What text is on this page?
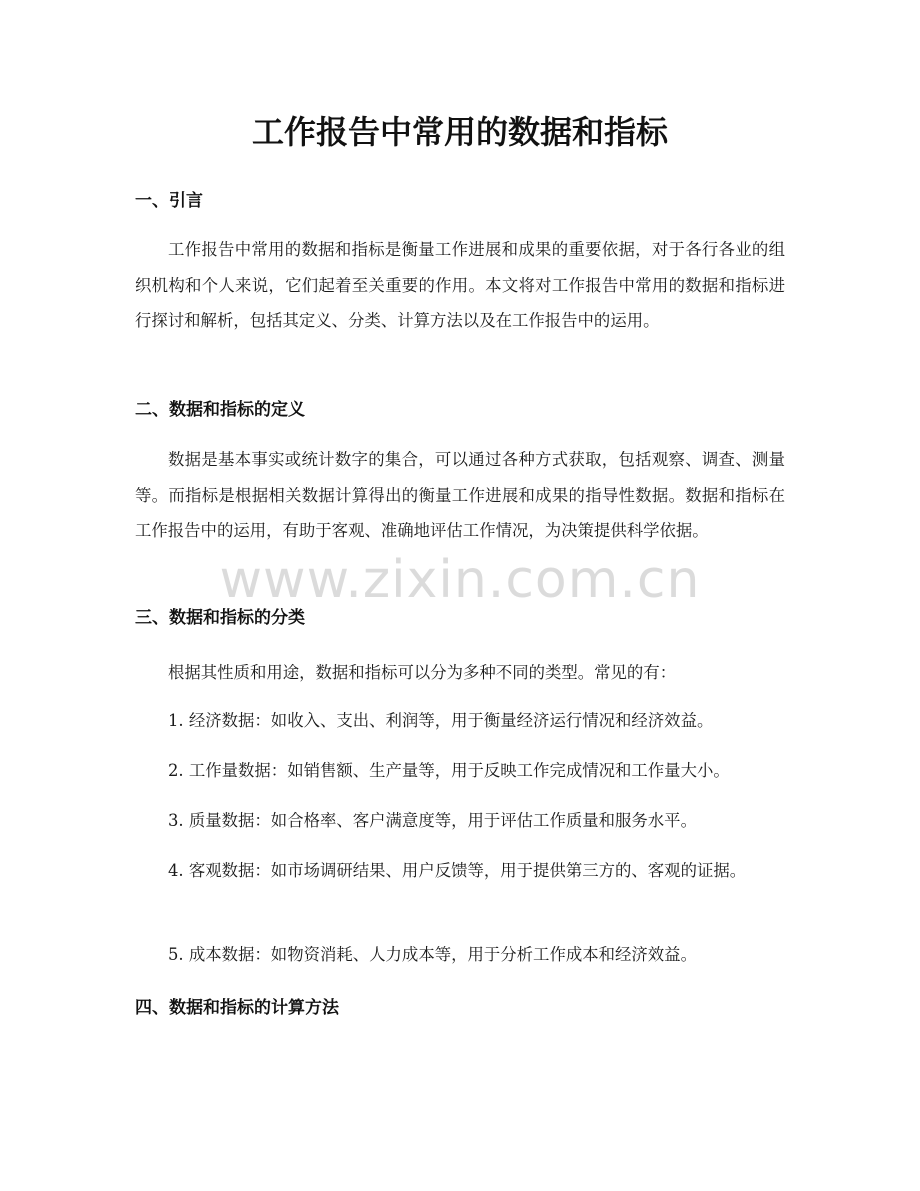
工作报告中常用的数据和指标
一、引言

工作报告中常用的数据和指标是衡量工作进展和成果的重要依据，对于各行各业的组织机构和个人来说，它们起着至关重要的作用。本文将对工作报告中常用的数据和指标进行探讨和解析，包括其定义、分类、计算方法以及在工作报告中的运用。

二、数据和指标的定义

数据是基本事实或统计数字的集合，可以通过各种方式获取，包括观察、调查、测量等。而指标是根据相关数据计算得出的衡量工作进展和成果的指导性数据。数据和指标在工作报告中的运用，有助于客观、准确地评估工作情况，为决策提供科学依据。

三、数据和指标的分类

根据其性质和用途，数据和指标可以分为多种不同的类型。常见的有：

1. 经济数据：如收入、支出、利润等，用于衡量经济运行情况和经济效益。

2. 工作量数据：如销售额、生产量等，用于反映工作完成情况和工作量大小。

3. 质量数据：如合格率、客户满意度等，用于评估工作质量和服务水平。

4. 客观数据：如市场调研结果、用户反馈等，用于提供第三方的、客观的证据。

5. 成本数据：如物资消耗、人力成本等，用于分析工作成本和经济效益。

四、数据和指标的计算方法
www.zixin.com.cn
